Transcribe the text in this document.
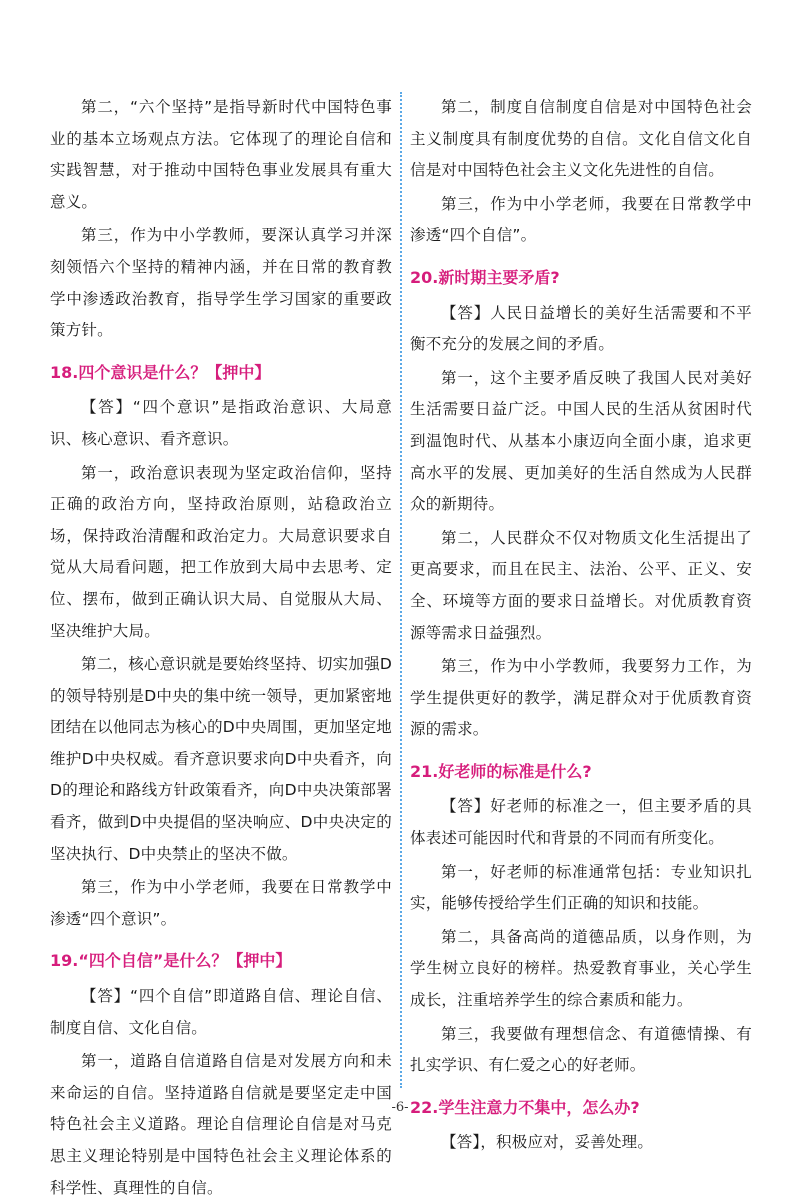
第二，“六个坚持”是指导新时代中国特色事业的基本立场观点方法。它体现了的理论自信和实践智慧，对于推动中国特色事业发展具有重大意义。

第三，作为中小学教师，要深认真学习并深刻领悟六个坚持的精神内涵，并在日常的教育教学中渗透政治教育，指导学生学习国家的重要政策方针。

18.四个意识是什么？【押中】

【答】“四个意识”是指政治意识、大局意识、核心意识、看齐意识。

第一，政治意识表现为坚定政治信仰，坚持正确的政治方向，坚持政治原则，站稳政治立场，保持政治清醒和政治定力。大局意识要求自觉从大局看问题，把工作放到大局中去思考、定位、摆布，做到正确认识大局、自觉服从大局、坚决维护大局。

第二，核心意识就是要始终坚持、切实加强D的领导特别是D中央的集中统一领导，更加紧密地团结在以他同志为核心的D中央周围，更加坚定地维护D中央权威。看齐意识要求向D中央看齐，向D的理论和路线方针政策看齐，向D中央决策部署看齐，做到D中央提倡的坚决响应、D中央决定的坚决执行、D中央禁止的坚决不做。

第三，作为中小学老师，我要在日常教学中渗透“四个意识”。

19.“四个自信”是什么？【押中】

【答】“四个自信”即道路自信、理论自信、制度自信、文化自信。

第一，道路自信道路自信是对发展方向和未来命运的自信。坚持道路自信就是要坚定走中国特色社会主义道路。理论自信理论自信是对马克思主义理论特别是中国特色社会主义理论体系的科学性、真理性的自信。

第二，制度自信制度自信是对中国特色社会主义制度具有制度优势的自信。文化自信文化自信是对中国特色社会主义文化先进性的自信。

第三，作为中小学老师，我要在日常教学中渗透“四个自信”。

20.新时期主要矛盾?

【答】人民日益增长的美好生活需要和不平衡不充分的发展之间的矛盾。

第一，这个主要矛盾反映了我国人民对美好生活需要日益广泛。中国人民的生活从贫困时代到温饱时代、从基本小康迈向全面小康，追求更高水平的发展、更加美好的生活自然成为人民群众的新期待。

第二，人民群众不仅对物质文化生活提出了更高要求，而且在民主、法治、公平、正义、安全、环境等方面的要求日益增长。对优质教育资源等需求日益强烈。

第三，作为中小学教师，我要努力工作，为学生提供更好的教学，满足群众对于优质教育资源的需求。

21.好老师的标准是什么?

【答】好老师的标准之一，但主要矛盾的具体表述可能因时代和背景的不同而有所变化。

第一，好老师的标准通常包括：专业知识扎实，能够传授给学生们正确的知识和技能。

第二，具备高尚的道德品质，以身作则，为学生树立良好的榜样。热爱教育事业，关心学生成长，注重培养学生的综合素质和能力。

第三，我要做有理想信念、有道德情操、有扎实学识、有仁爱之心的好老师。

22.学生注意力不集中，怎么办?

【答】，积极应对，妥善处理。

-6-
